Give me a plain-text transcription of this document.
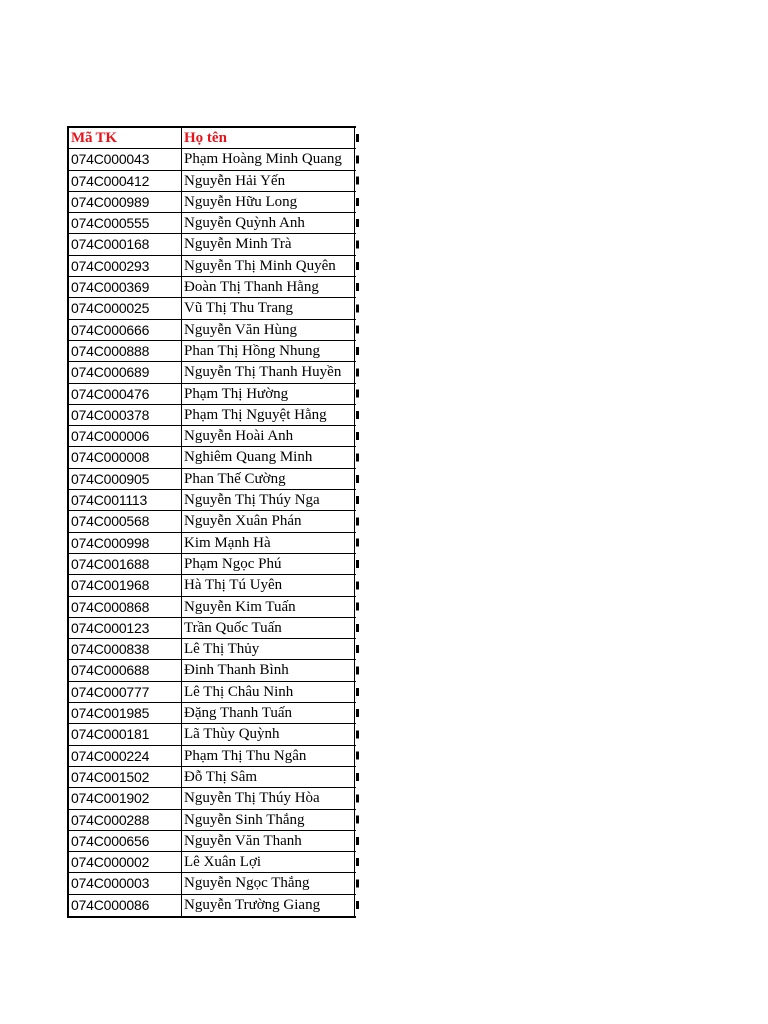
Mã TK	Họ tên
074C000043	Phạm Hoàng Minh Quang
074C000412	Nguyễn Hải Yến
074C000989	Nguyễn Hữu Long
074C000555	Nguyễn Quỳnh Anh
074C000168	Nguyễn Minh Trà
074C000293	Nguyễn Thị Minh Quyên
074C000369	Đoàn Thị Thanh Hằng
074C000025	Vũ Thị Thu Trang
074C000666	Nguyễn Văn Hùng
074C000888	Phan Thị Hồng Nhung
074C000689	Nguyễn Thị Thanh Huyền
074C000476	Phạm Thị Hường
074C000378	Phạm Thị Nguyệt Hằng
074C000006	Nguyễn Hoài Anh
074C000008	Nghiêm Quang Minh
074C000905	Phan Thế Cường
074C001113	Nguyễn Thị Thúy Nga
074C000568	Nguyễn Xuân Phán
074C000998	Kim Mạnh Hà
074C001688	Phạm Ngọc Phú
074C001968	Hà Thị Tú Uyên
074C000868	Nguyễn Kim Tuấn
074C000123	Trần Quốc Tuấn
074C000838	Lê Thị Thủy
074C000688	Đinh Thanh Bình
074C000777	Lê Thị Châu Ninh
074C001985	Đặng Thanh Tuấn
074C000181	Lã Thùy Quỳnh
074C000224	Phạm Thị Thu Ngân
074C001502	Đỗ Thị Sâm
074C001902	Nguyễn Thị Thúy Hòa
074C000288	Nguyễn Sinh Thắng
074C000656	Nguyễn Văn Thanh
074C000002	Lê Xuân Lợi
074C000003	Nguyễn Ngọc Thắng
074C000086	Nguyễn Trường Giang
